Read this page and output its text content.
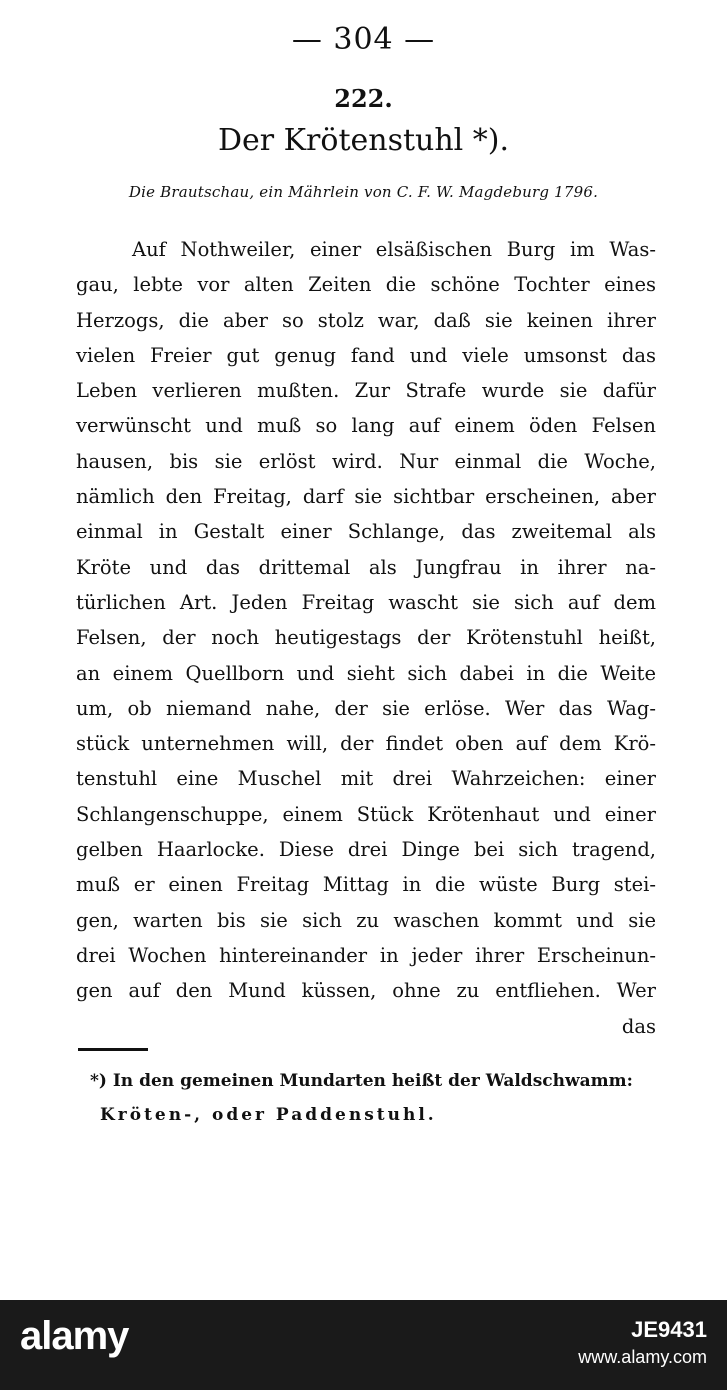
— 304 —
222.
Der Krötenstuhl *).
Die Brautschau, ein Mährlein von C. F. W. Magdeburg 1796.
Auf Nothweiler, einer elsäßischen Burg im Was-
gau, lebte vor alten Zeiten die schöne Tochter eines
Herzogs, die aber so stolz war, daß sie keinen ihrer
vielen Freier gut genug fand und viele umsonst das
Leben verlieren mußten. Zur Strafe wurde sie dafür
verwünscht und muß so lang auf einem öden Felsen
hausen, bis sie erlöst wird. Nur einmal die Woche,
nämlich den Freitag, darf sie sichtbar erscheinen, aber
einmal in Gestalt einer Schlange, das zweitemal als
Kröte und das drittemal als Jungfrau in ihrer na-
türlichen Art. Jeden Freitag wascht sie sich auf dem
Felsen, der noch heutigestags der Krötenstuhl heißt,
an einem Quellborn und sieht sich dabei in die Weite
um, ob niemand nahe, der sie erlöse. Wer das Wag-
stück unternehmen will, der findet oben auf dem Krö-
tenstuhl eine Muschel mit drei Wahrzeichen: einer
Schlangenschuppe, einem Stück Krötenhaut und einer
gelben Haarlocke. Diese drei Dinge bei sich tragend,
muß er einen Freitag Mittag in die wüste Burg stei-
gen, warten bis sie sich zu waschen kommt und sie
drei Wochen hintereinander in jeder ihrer Erscheinun-
gen auf den Mund küssen, ohne zu entfliehen. Wer
das
*) In den gemeinen Mundarten heißt der Waldschwamm:
Kröten-, oder Paddenstuhl.
alamy	JE9431
www.alamy.com
